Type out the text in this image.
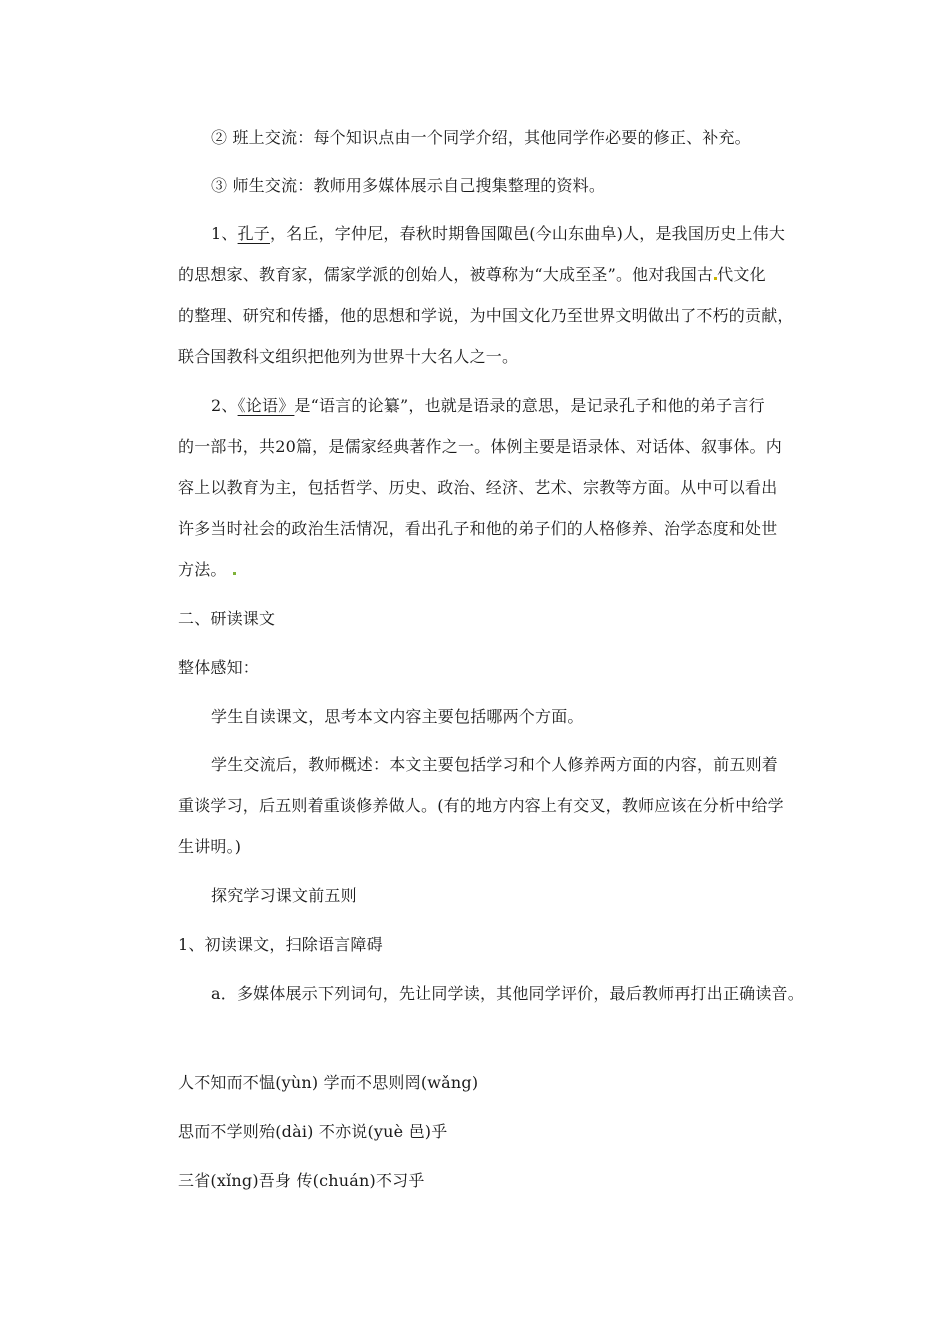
② 班上交流：每个知识点由一个同学介绍，其他同学作必要的修正、补充。
③ 师生交流：教师用多媒体展示自己搜集整理的资料。
1、孔子，名丘，字仲尼，春秋时期鲁国陬邑(今山东曲阜)人，是我国历史上伟大
的思想家、教育家，儒家学派的创始人，被尊称为“大成至圣”。他对我国古 代文化
的整理、研究和传播，他的思想和学说，为中国文化乃至世界文明做出了不朽的贡献，
联合国教科文组织把他列为世界十大名人之一。
2、《论语》是“语言的论纂”，也就是语录的意思，是记录孔子和他的弟子言行
的一部书，共20篇，是儒家经典著作之一。体例主要是语录体、对话体、叙事体。内
容上以教育为主，包括哲学、历史、政治、经济、艺术、宗教等方面。从中可以看出
许多当时社会的政治生活情况，看出孔子和他的弟子们的人格修养、治学态度和处世
方法。
二、研读课文
整体感知：
学生自读课文，思考本文内容主要包括哪两个方面。
学生交流后，教师概述：本文主要包括学习和个人修养两方面的内容，前五则着
重谈学习，后五则着重谈修养做人。(有的地方内容上有交叉，教师应该在分析中给学
生讲明。)
探究学习课文前五则
1、初读课文，扫除语言障碍
a．多媒体展示下列词句，先让同学读，其他同学评价，最后教师再打出正确读音。
人不知而不愠(yùn) 学而不思则罔(wǎng)
思而不学则殆(dài) 不亦说(yuè 邑)乎
三省(xǐng)吾身 传(chuán)不习乎
